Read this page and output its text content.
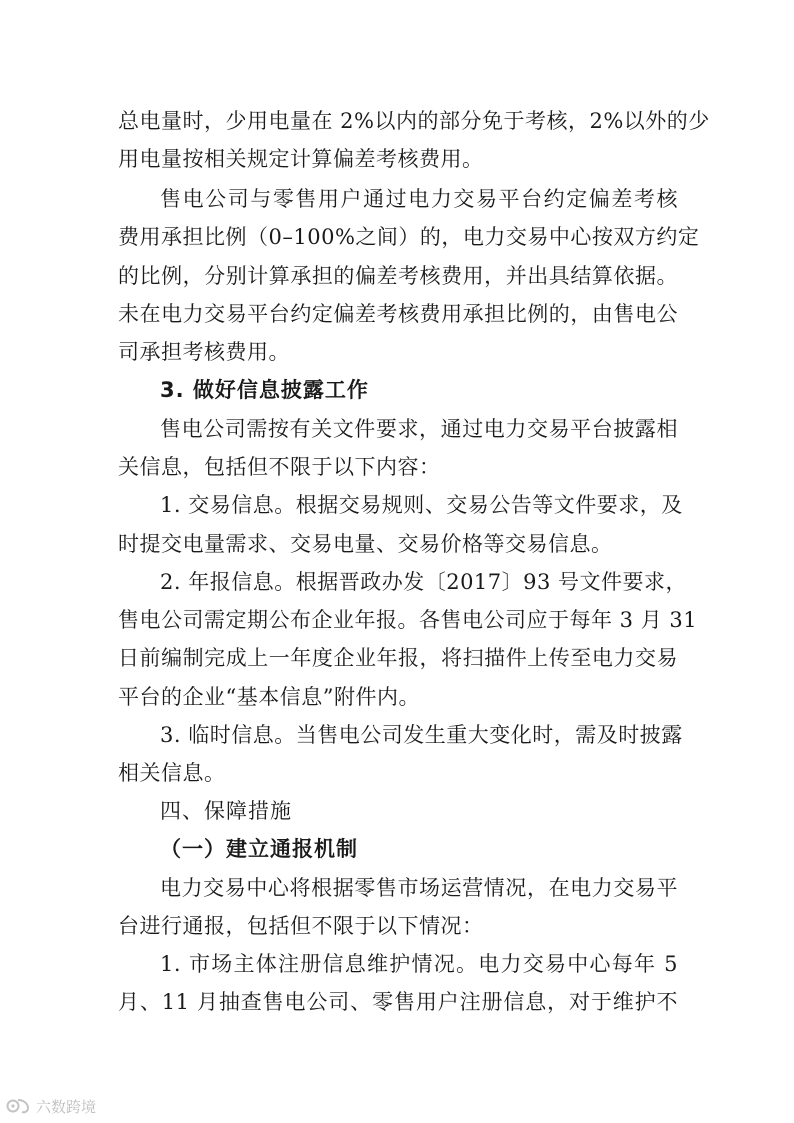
总电量时，少用电量在 2%以内的部分免于考核，2%以外的少
用电量按相关规定计算偏差考核费用。
售电公司与零售用户通过电力交易平台约定偏差考核
费用承担比例（0–100%之间）的，电力交易中心按双方约定
的比例，分别计算承担的偏差考核费用，并出具结算依据。
未在电力交易平台约定偏差考核费用承担比例的，由售电公
司承担考核费用。
3. 做好信息披露工作
售电公司需按有关文件要求，通过电力交易平台披露相
关信息，包括但不限于以下内容：
1. 交易信息。根据交易规则、交易公告等文件要求，及
时提交电量需求、交易电量、交易价格等交易信息。
2. 年报信息。根据晋政办发〔2017〕93 号文件要求，
售电公司需定期公布企业年报。各售电公司应于每年 3 月 31
日前编制完成上一年度企业年报，将扫描件上传至电力交易
平台的企业“基本信息”附件内。
3. 临时信息。当售电公司发生重大变化时，需及时披露
相关信息。
四、保障措施
（一）建立通报机制
电力交易中心将根据零售市场运营情况，在电力交易平
台进行通报，包括但不限于以下情况：
1. 市场主体注册信息维护情况。电力交易中心每年 5
月、11 月抽查售电公司、零售用户注册信息，对于维护不
六数跨境
